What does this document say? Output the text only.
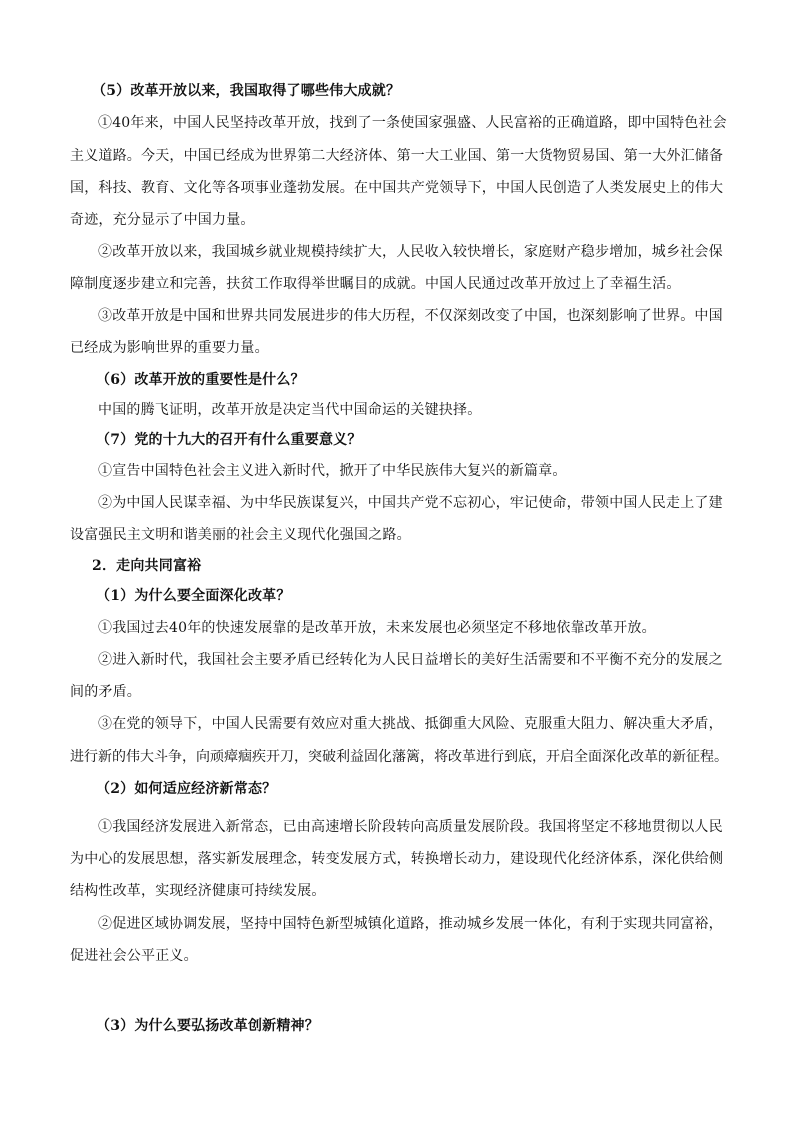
（5）改革开放以来，我国取得了哪些伟大成就？
①40年来，中国人民坚持改革开放，找到了一条使国家强盛、人民富裕的正确道路，即中国特色社会
主义道路。今天，中国已经成为世界第二大经济体、第一大工业国、第一大货物贸易国、第一大外汇储备
国，科技、教育、文化等各项事业蓬勃发展。在中国共产党领导下，中国人民创造了人类发展史上的伟大
奇迹，充分显示了中国力量。
②改革开放以来，我国城乡就业规模持续扩大，人民收入较快增长，家庭财产稳步增加，城乡社会保
障制度逐步建立和完善，扶贫工作取得举世瞩目的成就。中国人民通过改革开放过上了幸福生活。
③改革开放是中国和世界共同发展进步的伟大历程，不仅深刻改变了中国，也深刻影响了世界。中国
已经成为影响世界的重要力量。
（6）改革开放的重要性是什么？
中国的腾飞证明，改革开放是决定当代中国命运的关键抉择。
（7）党的十九大的召开有什么重要意义？
①宣告中国特色社会主义进入新时代，掀开了中华民族伟大复兴的新篇章。
②为中国人民谋幸福、为中华民族谋复兴，中国共产党不忘初心，牢记使命，带领中国人民走上了建
设富强民主文明和谐美丽的社会主义现代化强国之路。
2．走向共同富裕
（1）为什么要全面深化改革？
①我国过去40年的快速发展靠的是改革开放，未来发展也必须坚定不移地依靠改革开放。
②进入新时代，我国社会主要矛盾已经转化为人民日益增长的美好生活需要和不平衡不充分的发展之
间的矛盾。
③在党的领导下，中国人民需要有效应对重大挑战、抵御重大风险、克服重大阻力、解决重大矛盾，
进行新的伟大斗争，向顽瘴痼疾开刀，突破利益固化藩篱，将改革进行到底，开启全面深化改革的新征程。
（2）如何适应经济新常态？
①我国经济发展进入新常态，已由高速增长阶段转向高质量发展阶段。我国将坚定不移地贯彻以人民
为中心的发展思想，落实新发展理念，转变发展方式，转换增长动力，建设现代化经济体系，深化供给侧
结构性改革，实现经济健康可持续发展。
②促进区域协调发展，坚持中国特色新型城镇化道路，推动城乡发展一体化，有利于实现共同富裕，
促进社会公平正义。
（3）为什么要弘扬改革创新精神？
